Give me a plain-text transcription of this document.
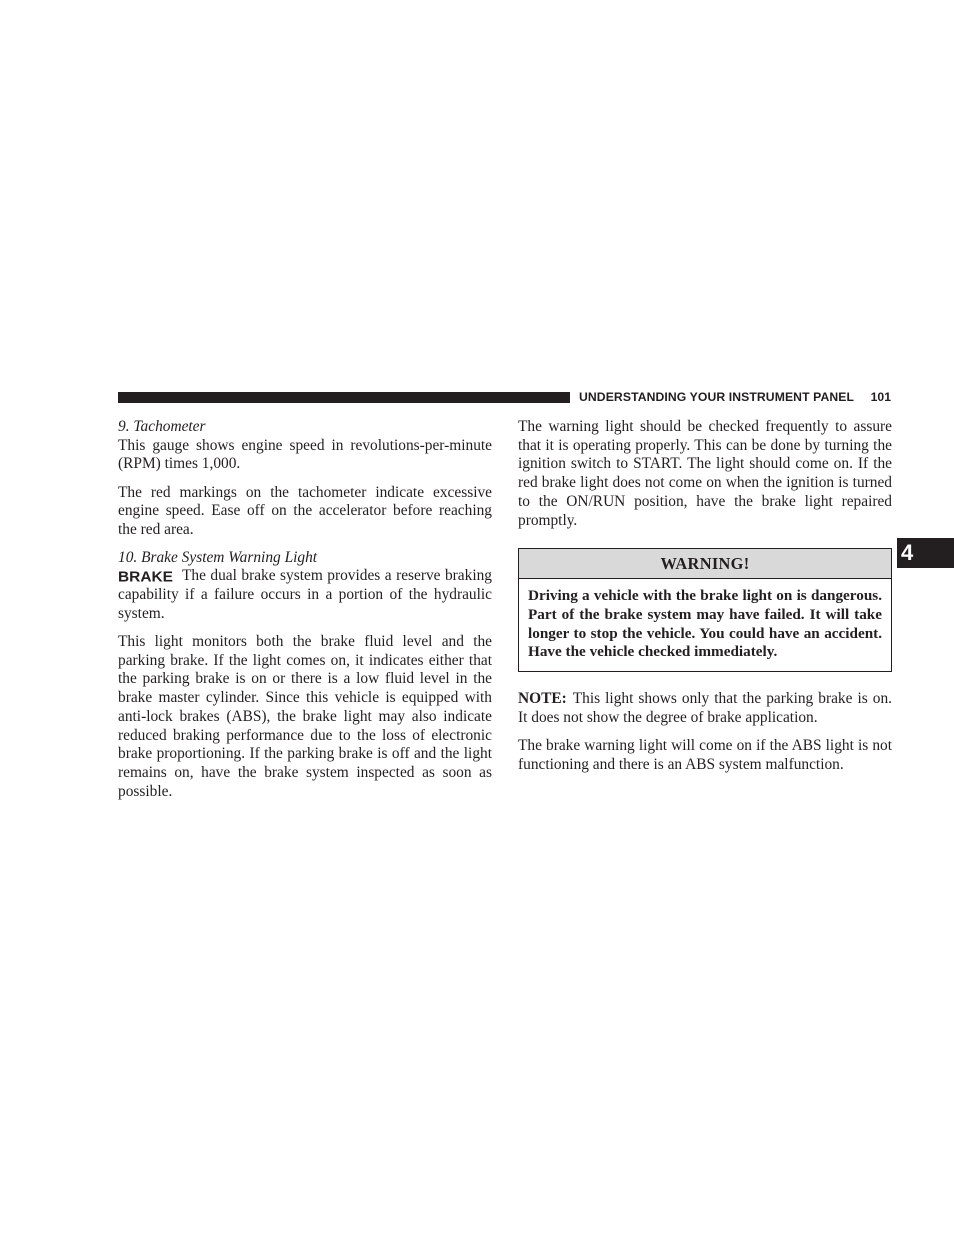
UNDERSTANDING YOUR INSTRUMENT PANEL 101
4

9. Tachometer

This gauge shows engine speed in revolutions-per-minute (RPM) times 1,000.

The red markings on the tachometer indicate excessive engine speed. Ease off on the accelerator before reaching the red area.

10. Brake System Warning Light

BRAKE The dual brake system provides a reserve braking capability if a failure occurs in a portion of the hydraulic system.

This light monitors both the brake fluid level and the parking brake. If the light comes on, it indicates either that the parking brake is on or there is a low fluid level in the brake master cylinder. Since this vehicle is equipped with anti-lock brakes (ABS), the brake light may also indicate reduced braking performance due to the loss of electronic brake proportioning. If the parking brake is off and the light remains on, have the brake system inspected as soon as possible.

The warning light should be checked frequently to assure that it is operating properly. This can be done by turning the ignition switch to START. The light should come on. If the red brake light does not come on when the ignition is turned to the ON/RUN position, have the brake light repaired promptly.

WARNING!
Driving a vehicle with the brake light on is dangerous. Part of the brake system may have failed. It will take longer to stop the vehicle. You could have an accident. Have the vehicle checked immediately.

NOTE: This light shows only that the parking brake is on. It does not show the degree of brake application.

The brake warning light will come on if the ABS light is not functioning and there is an ABS system malfunction.
